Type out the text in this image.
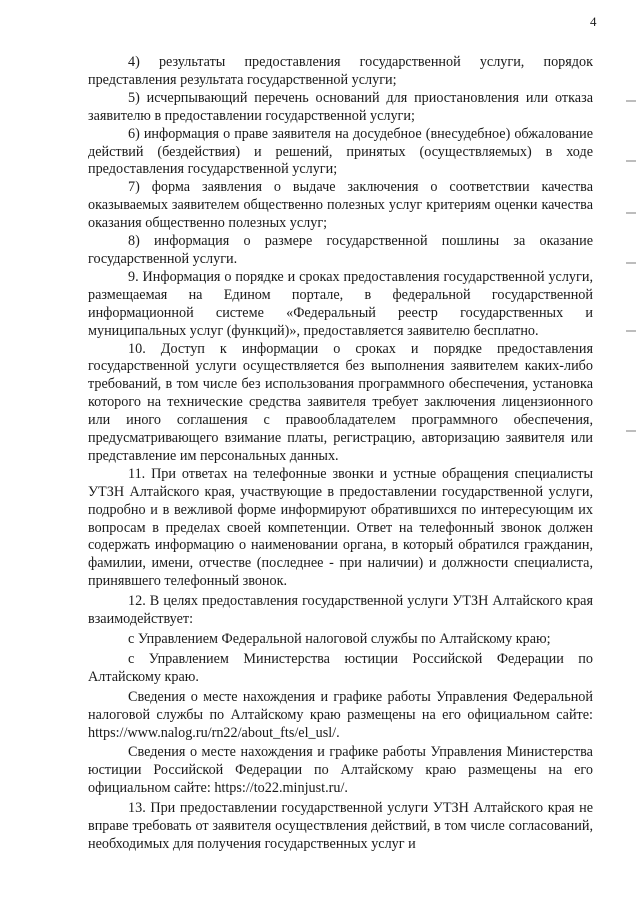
4

4) результаты предоставления государственной услуги, порядок представления результата государственной услуги;

5) исчерпывающий перечень оснований для приостановления или отказа заявителю в предоставлении государственной услуги;

6) информация о праве заявителя на досудебное (внесудебное) обжалование действий (бездействия) и решений, принятых (осуществляемых) в ходе предоставления государственной услуги;

7) форма заявления о выдаче заключения о соответствии качества оказываемых заявителем общественно полезных услуг критериям оценки качества оказания общественно полезных услуг;

8) информация о размере государственной пошлины за оказание государственной услуги.

9. Информация о порядке и сроках предоставления государственной услуги, размещаемая на Едином портале, в федеральной государственной информационной системе «Федеральный реестр государственных и муниципальных услуг (функций)», предоставляется заявителю бесплатно.

10. Доступ к информации о сроках и порядке предоставления государственной услуги осуществляется без выполнения заявителем каких-либо требований, в том числе без использования программного обеспечения, установка которого на технические средства заявителя требует заключения лицензионного или иного соглашения с правообладателем программного обеспечения, предусматривающего взимание платы, регистрацию, авторизацию заявителя или представление им персональных данных.

11. При ответах на телефонные звонки и устные обращения специалисты УТЗН Алтайского края, участвующие в предоставлении государственной услуги, подробно и в вежливой форме информируют обратившихся по интересующим их вопросам в пределах своей компетенции. Ответ на телефонный звонок должен содержать информацию о наименовании органа, в который обратился гражданин, фамилии, имени, отчестве (последнее - при наличии) и должности специалиста, принявшего телефонный звонок.

12. В целях предоставления государственной услуги УТЗН Алтайского края взаимодействует:

с Управлением Федеральной налоговой службы по Алтайскому краю;

с Управлением Министерства юстиции Российской Федерации по Алтайскому краю.

Сведения о месте нахождения и графике работы Управления Федеральной налоговой службы по Алтайскому краю размещены на его официальном сайте: https://www.nalog.ru/rn22/about_fts/el_usl/.

Сведения о месте нахождения и графике работы Управления Министерства юстиции Российской Федерации по Алтайскому краю размещены на его официальном сайте: https://to22.minjust.ru/.

13. При предоставлении государственной услуги УТЗН Алтайского края не вправе требовать от заявителя осуществления действий, в том числе согласований, необходимых для получения государственных услуг и
